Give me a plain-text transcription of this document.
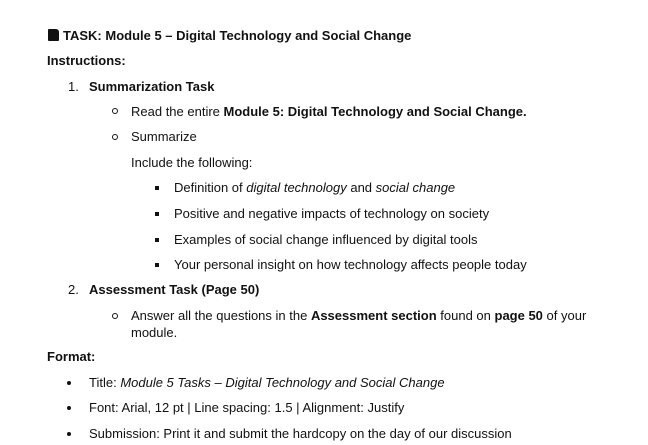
TASK: Module 5 – Digital Technology and Social Change
Instructions:
1. Summarization Task
Read the entire Module 5: Digital Technology and Social Change.
Summarize
Include the following:
Definition of digital technology and social change
Positive and negative impacts of technology on society
Examples of social change influenced by digital tools
Your personal insight on how technology affects people today
2. Assessment Task (Page 50)
Answer all the questions in the Assessment section found on page 50 of your
module.
Format:
Title: Module 5 Tasks – Digital Technology and Social Change
Font: Arial, 12 pt | Line spacing: 1.5 | Alignment: Justify
Submission: Print it and submit the hardcopy on the day of our discussion
